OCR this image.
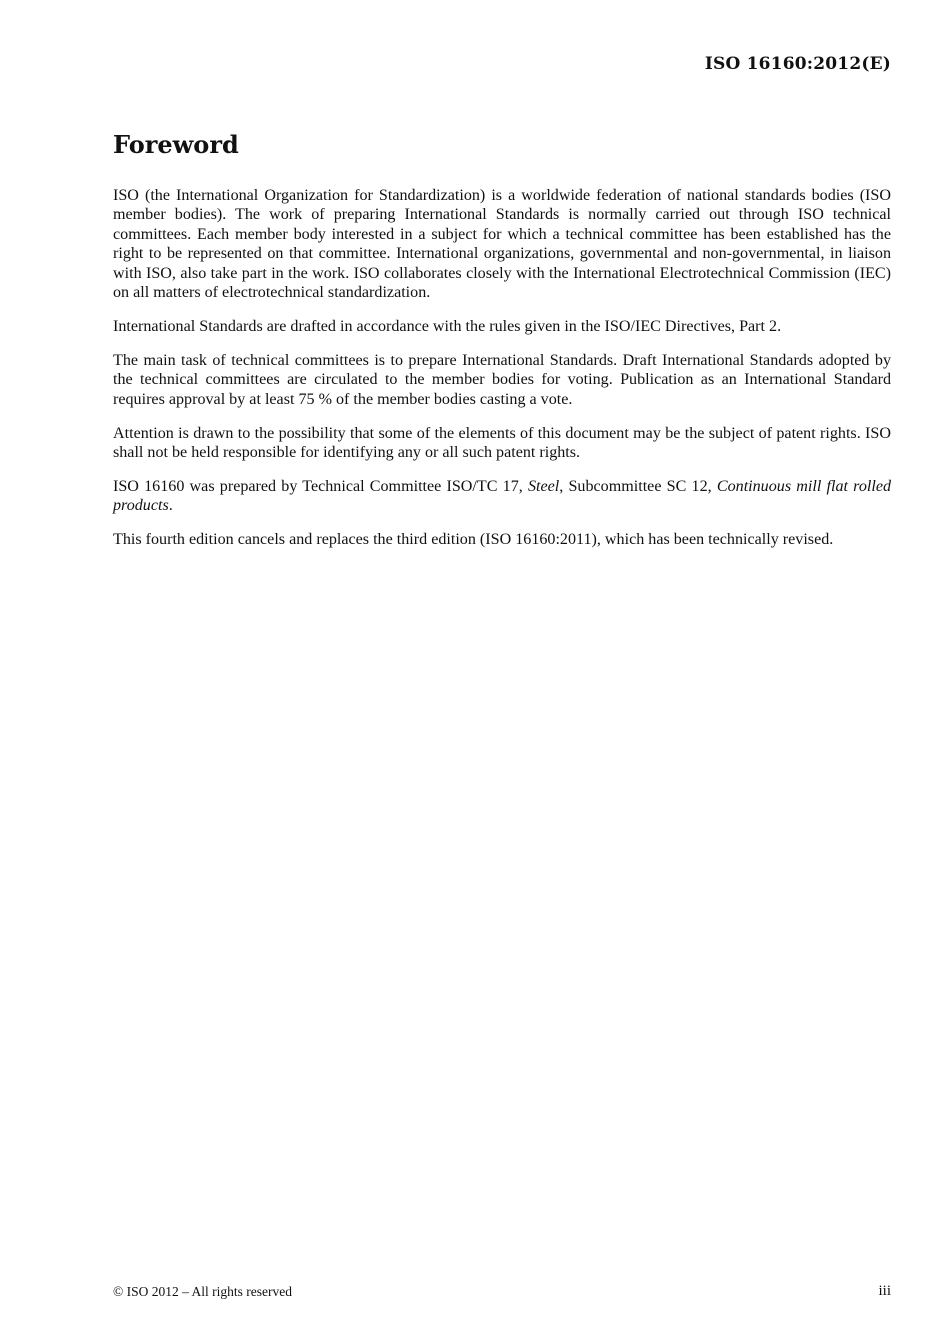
ISO 16160:2012(E)
Foreword

ISO (the International Organization for Standardization) is a worldwide federation of national standards bodies (ISO member bodies). The work of preparing International Standards is normally carried out through ISO technical committees. Each member body interested in a subject for which a technical committee has been established has the right to be represented on that committee. International organizations, governmental and non-governmental, in liaison with ISO, also take part in the work. ISO collaborates closely with the International Electrotechnical Commission (IEC) on all matters of electrotechnical standardization.

International Standards are drafted in accordance with the rules given in the ISO/IEC Directives, Part 2.

The main task of technical committees is to prepare International Standards. Draft International Standards adopted by the technical committees are circulated to the member bodies for voting. Publication as an International Standard requires approval by at least 75 % of the member bodies casting a vote.

Attention is drawn to the possibility that some of the elements of this document may be the subject of patent rights. ISO shall not be held responsible for identifying any or all such patent rights.

ISO 16160 was prepared by Technical Committee ISO/TC 17, Steel, Subcommittee SC 12, Continuous mill flat rolled products.

This fourth edition cancels and replaces the third edition (ISO 16160:2011), which has been technically revised.

© ISO 2012 – All rights reserved	iii
